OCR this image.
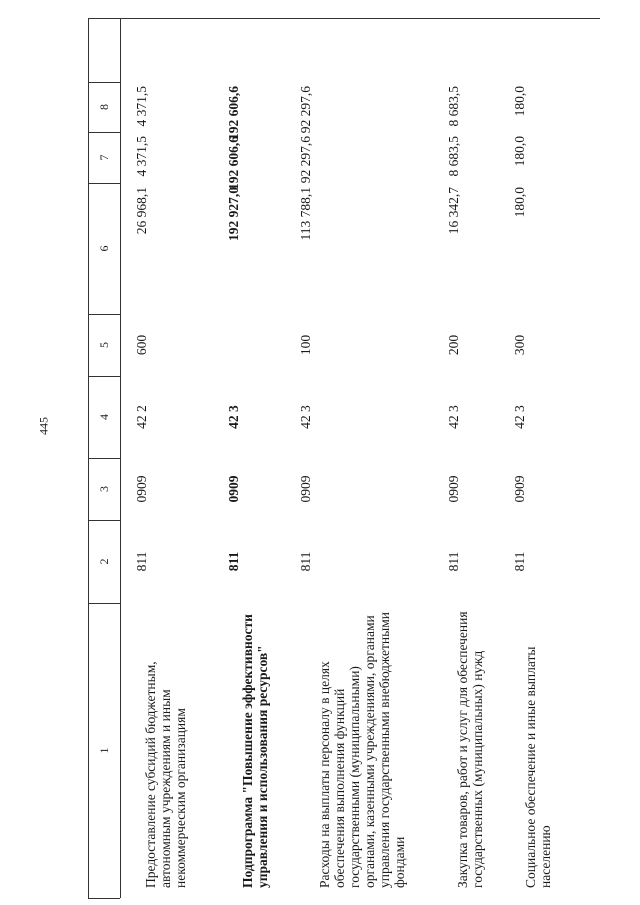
445
1
2
3
4
5
6
7
8
Предоставление субсидий бюджетным, автономным учреждениям и иным некоммерческим организациям
811
0909
42 2
600
26 968,1
4 371,5
4 371,5
Подпрограмма "Повышение эффективности управления и использования ресурсов"
811
0909
42 3
192 927,0
192 606,6
192 606,6
Расходы на выплаты персоналу в целях обеспечения выполнения функций государственными (муниципальными) органами, казенными учреждениями, органами управления государственными внебюджетными фондами
811
0909
42 3
100
113 788,1
92 297,6
92 297,6
Закупка товаров, работ и услуг для обеспечения государственных (муниципальных) нужд
811
0909
42 3
200
16 342,7
8 683,5
8 683,5
Социальное обеспечение и иные выплаты населению
811
0909
42 3
300
180,0
180,0
180,0
